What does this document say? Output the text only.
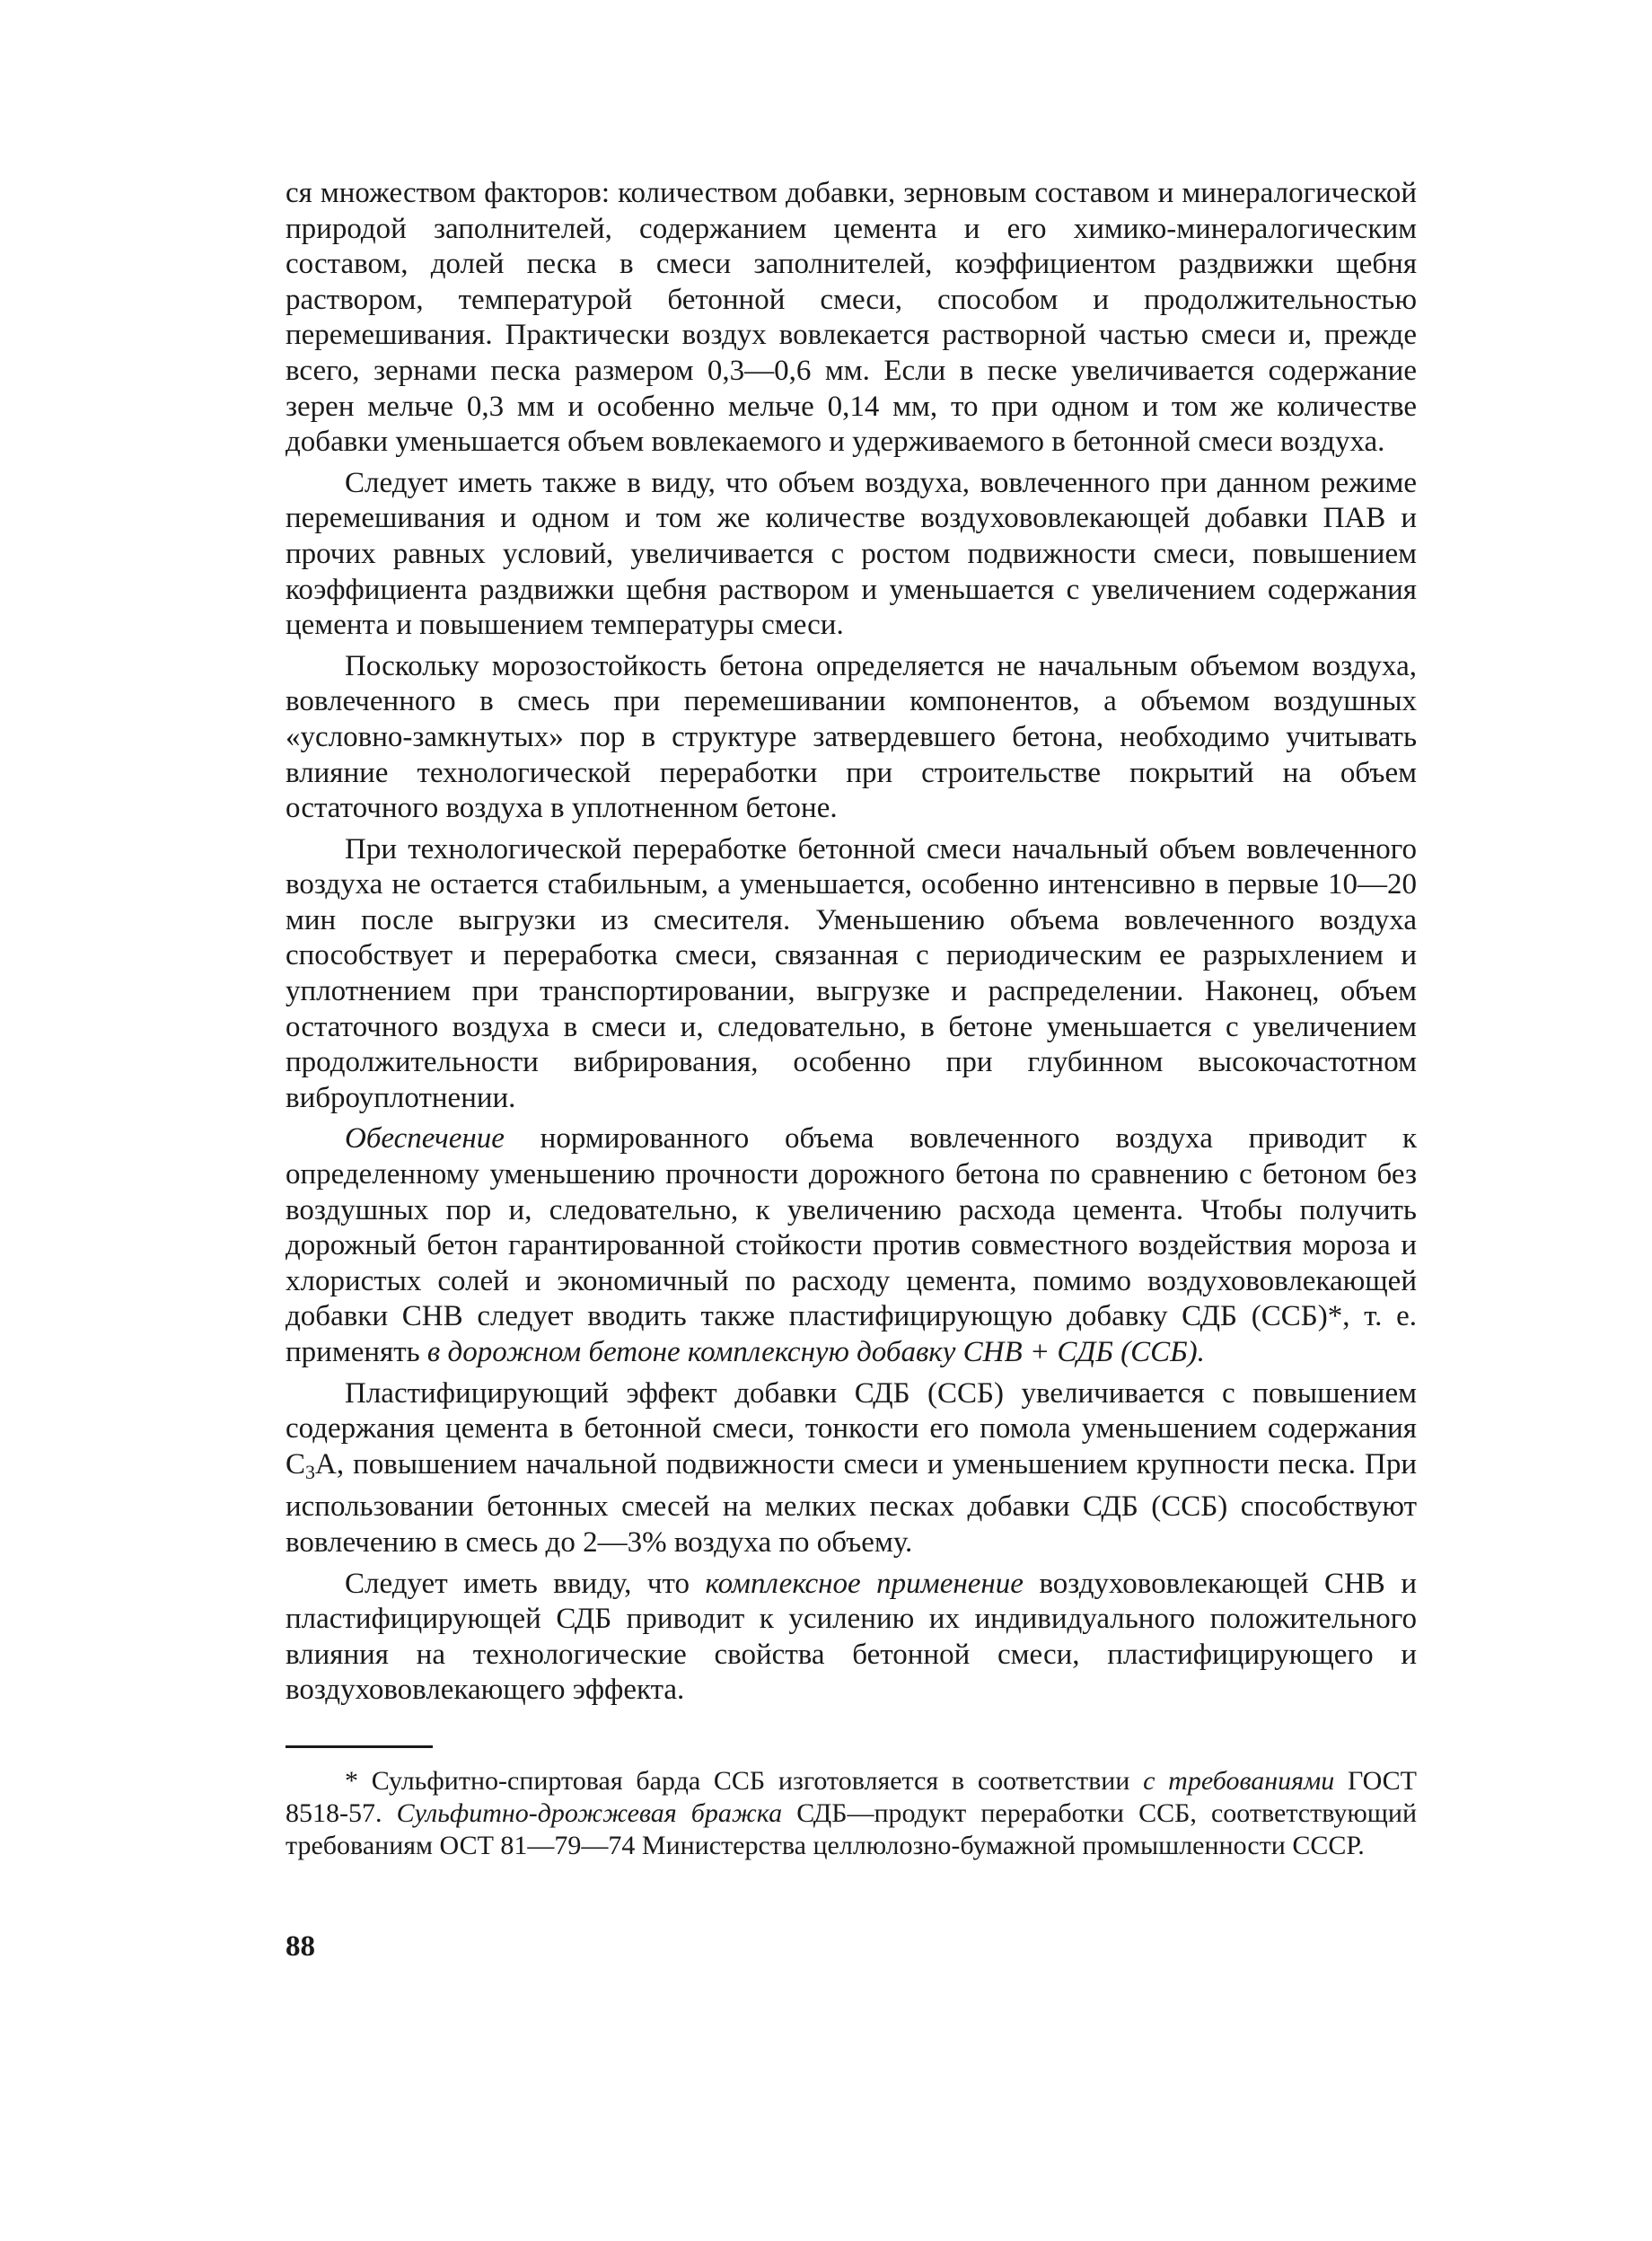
ся множеством факторов: количеством добавки, зерновым составом и минералогической природой заполнителей, содержанием цемента и его химико-минералогическим составом, долей песка в смеси заполнителей, коэффициентом раздвижки щебня раствором, температурой бетонной смеси, способом и продолжительностью перемешивания. Практически воздух вовлекается растворной частью смеси и, прежде всего, зернами песка размером 0,3—0,6 мм. Если в песке увеличивается содержание зерен мельче 0,3 мм и особенно мельче 0,14 мм, то при одном и том же количестве добавки уменьшается объем вовлекаемого и удерживаемого в бетонной смеси воздуха.

Следует иметь также в виду, что объем воздуха, вовлеченного при данном режиме перемешивания и одном и том же количестве воздухововлекающей добавки ПАВ и прочих равных условий, увеличивается с ростом подвижности смеси, повышением коэффициента раздвижки щебня раствором и уменьшается с увеличением содержания цемента и повышением температуры смеси.

Поскольку морозостойкость бетона определяется не начальным объемом воздуха, вовлеченного в смесь при перемешивании компонентов, а объемом воздушных «условно-замкнутых» пор в структуре затвердевшего бетона, необходимо учитывать влияние технологической переработки при строительстве покрытий на объем остаточного воздуха в уплотненном бетоне.

При технологической переработке бетонной смеси начальный объем вовлеченного воздуха не остается стабильным, а уменьшается, особенно интенсивно в первые 10—20 мин после выгрузки из смесителя. Уменьшению объема вовлеченного воздуха способствует и переработка смеси, связанная с периодическим ее разрыхлением и уплотнением при транспортировании, выгрузке и распределении. Наконец, объем остаточного воздуха в смеси и, следовательно, в бетоне уменьшается с увеличением продолжительности вибрирования, особенно при глубинном высокочастотном виброуплотнении.

Обеспечение нормированного объема вовлеченного воздуха приводит к определенному уменьшению прочности дорожного бетона по сравнению с бетоном без воздушных пор и, следовательно, к увеличению расхода цемента. Чтобы получить дорожный бетон гарантированной стойкости против совместного воздействия мороза и хлористых солей и экономичный по расходу цемента, помимо воздухововлекающей добавки СНВ следует вводить также пластифицирующую добавку СДБ (ССБ)*, т. е. применять в дорожном бетоне комплексную добавку СНВ + СДБ (ССБ).

Пластифицирующий эффект добавки СДБ (ССБ) увеличивается с повышением содержания цемента в бетонной смеси, тонкости его помола уменьшением содержания $C_3A$, повышением начальной подвижности смеси и уменьшением крупности песка. При использовании бетонных смесей на мелких песках добавки СДБ (ССБ) способствуют вовлечению в смесь до 2—3% воздуха по объему.

Следует иметь ввиду, что комплексное применение воздухововлекающей СНВ и пластифицирующей СДБ приводит к усилению их индивидуального положительного влияния на технологические свойства бетонной смеси, пластифицирующего и воздухововлекающего эффекта.

* Сульфитно-спиртовая барда ССБ изготовляется в соответствии с требованиями ГОСТ 8518-57. Сульфитно-дрожжевая бражка СДБ—продукт переработки ССБ, соответствующий требованиям ОСТ 81—79—74 Министерства целлюлозно-бумажной промышленности СССР.

88
